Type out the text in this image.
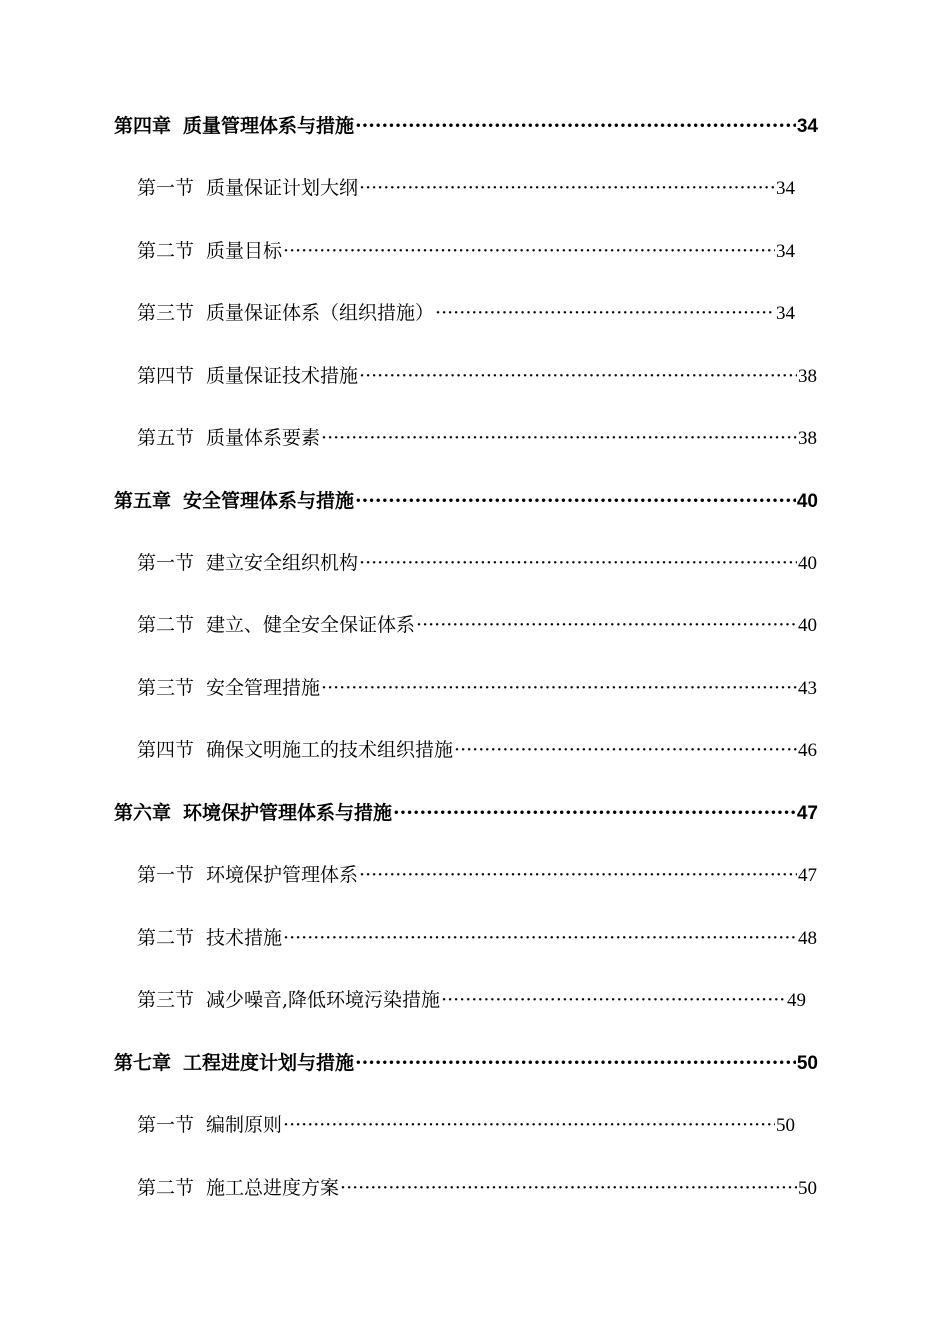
第四章 质量管理体系与措施 ·····	34
第一节 质量保证计划大纲 ·····	34
第二节 质量目标 ·····	34
第三节 质量保证体系（组织措施） ·····	34
第四节 质量保证技术措施 ·····	38
第五节 质量体系要素 ·····	38
第五章 安全管理体系与措施 ·····	40
第一节 建立安全组织机构 ·····	40
第二节 建立、健全安全保证体系 ·····	40
第三节 安全管理措施 ·····	43
第四节 确保文明施工的技术组织措施 ·····	46
第六章 环境保护管理体系与措施 ·····	47
第一节 环境保护管理体系 ·····	47
第二节 技术措施 ·····	48
第三节 减少噪音,降低环境污染措施 ·····	49
第七章 工程进度计划与措施 ·····	50
第一节 编制原则 ·····	50
第二节 施工总进度方案 ·····	50
